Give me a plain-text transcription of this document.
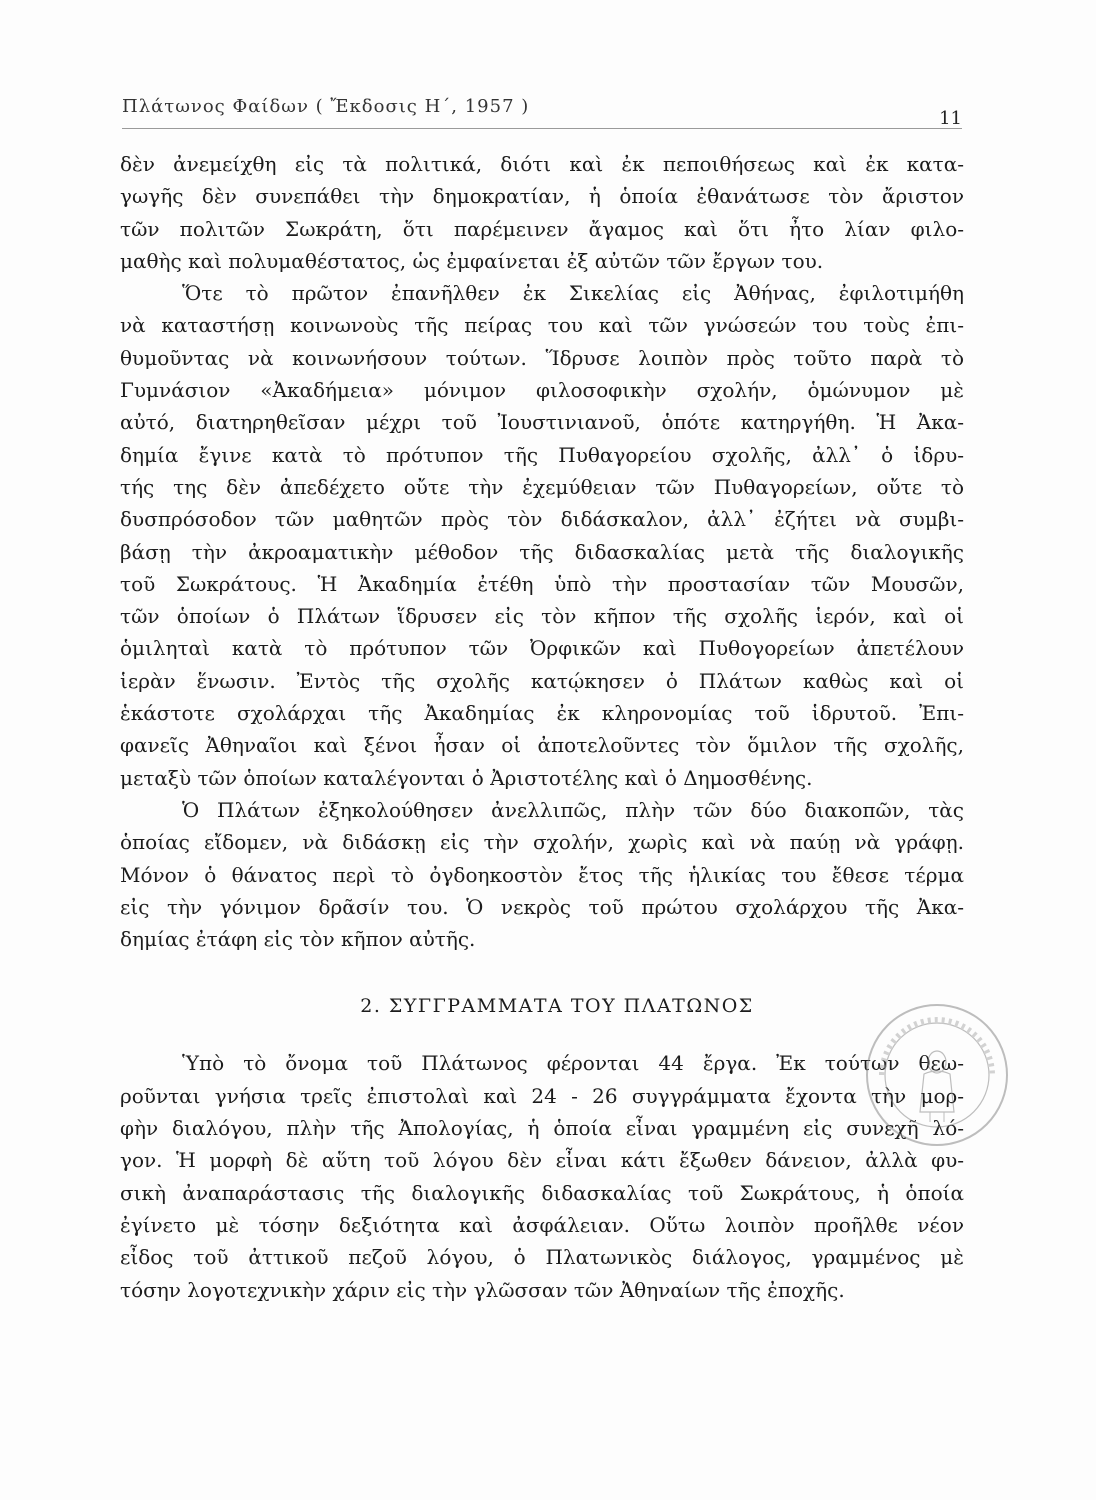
Πλάτωνος Φαίδων ( Ἔκδοσις Η΄, 1957 )
11
δὲν ἀνεμείχθη εἰς τὰ πολιτικά, διότι καὶ ἐκ πεποιθήσεως καὶ ἐκ κατα-
γωγῆς δὲν συνεπάθει τὴν δημοκρατίαν, ἡ ὁποία ἐθανάτωσε τὸν ἄριστον
τῶν πολιτῶν Σωκράτη, ὅτι παρέμεινεν ἄγαμος καὶ ὅτι ἦτο λίαν φιλο-
μαθὴς καὶ πολυμαθέστατος, ὡς ἐμφαίνεται ἐξ αὐτῶν τῶν ἔργων του.
Ὅτε τὸ πρῶτον ἐπανῆλθεν ἐκ Σικελίας εἰς Ἀθήνας, ἐφιλοτιμήθη
νὰ καταστήσῃ κοινωνοὺς τῆς πείρας του καὶ τῶν γνώσεών του τοὺς ἐπι-
θυμοῦντας νὰ κοινωνήσουν τούτων. Ἵδρυσε λοιπὸν πρὸς τοῦτο παρὰ τὸ
Γυμνάσιον «Ἀκαδήμεια» μόνιμον φιλοσοφικὴν σχολήν, ὁμώνυμον μὲ
αὐτό, διατηρηθεῖσαν μέχρι τοῦ Ἰουστινιανοῦ, ὁπότε κατηργήθη. Ἡ Ἀκα-
δημία ἔγινε κατὰ τὸ πρότυπον τῆς Πυθαγορείου σχολῆς, ἀλλ᾽ ὁ ἱδρυ-
τής της δὲν ἀπεδέχετο οὔτε τὴν ἐχεμύθειαν τῶν Πυθαγορείων, οὔτε τὸ
δυσπρόσοδον τῶν μαθητῶν πρὸς τὸν διδάσκαλον, ἀλλ᾽ ἐζήτει νὰ συμβι-
βάσῃ τὴν ἀκροαματικὴν μέθοδον τῆς διδασκαλίας μετὰ τῆς διαλογικῆς
τοῦ Σωκράτους. Ἡ Ἀκαδημία ἐτέθη ὑπὸ τὴν προστασίαν τῶν Μουσῶν,
τῶν ὁποίων ὁ Πλάτων ἵδρυσεν εἰς τὸν κῆπον τῆς σχολῆς ἱερόν, καὶ οἱ
ὁμιληταὶ κατὰ τὸ πρότυπον τῶν Ὀρφικῶν καὶ Πυθογορείων ἀπετέλουν
ἱερὰν ἕνωσιν. Ἐντὸς τῆς σχολῆς κατῴκησεν ὁ Πλάτων καθὼς καὶ οἱ
ἑκάστοτε σχολάρχαι τῆς Ἀκαδημίας ἐκ κληρονομίας τοῦ ἱδρυτοῦ. Ἐπι-
φανεῖς Ἀθηναῖοι καὶ ξένοι ἦσαν οἱ ἀποτελοῦντες τὸν ὅμιλον τῆς σχολῆς,
μεταξὺ τῶν ὁποίων καταλέγονται ὁ Ἀριστοτέλης καὶ ὁ Δημοσθένης.
Ὁ Πλάτων ἐξηκολούθησεν ἀνελλιπῶς, πλὴν τῶν δύο διακοπῶν, τὰς
ὁποίας εἴδομεν, νὰ διδάσκῃ εἰς τὴν σχολήν, χωρὶς καὶ νὰ παύῃ νὰ γράφῃ.
Μόνον ὁ θάνατος περὶ τὸ ὀγδοηκοστὸν ἔτος τῆς ἡλικίας του ἔθεσε τέρμα
εἰς τὴν γόνιμον δρᾶσίν του. Ὁ νεκρὸς τοῦ πρώτου σχολάρχου τῆς Ἀκα-
δημίας ἐτάφη εἰς τὸν κῆπον αὐτῆς.
2. ΣΥΓΓΡΑΜΜΑΤΑ ΤΟΥ ΠΛΑΤΩΝΟΣ
Ὑπὸ τὸ ὄνομα τοῦ Πλάτωνος φέρονται 44 ἔργα. Ἐκ τούτων θεω-
ροῦνται γνήσια τρεῖς ἐπιστολαὶ καὶ 24 - 26 συγγράμματα ἔχοντα τὴν μορ-
φὴν διαλόγου, πλὴν τῆς Ἀπολογίας, ἡ ὁποία εἶναι γραμμένη εἰς συνεχῆ λό-
γον. Ἡ μορφὴ δὲ αὕτη τοῦ λόγου δὲν εἶναι κάτι ἔξωθεν δάνειον, ἀλλὰ φυ-
σικὴ ἀναπαράστασις τῆς διαλογικῆς διδασκαλίας τοῦ Σωκράτους, ἡ ὁποία
ἐγίνετο μὲ τόσην δεξιότητα καὶ ἀσφάλειαν. Οὕτω λοιπὸν προῆλθε νέον
εἶδος τοῦ ἀττικοῦ πεζοῦ λόγου, ὁ Πλατωνικὸς διάλογος, γραμμένος μὲ
τόσην λογοτεχνικὴν χάριν εἰς τὴν γλῶσσαν τῶν Ἀθηναίων τῆς ἐποχῆς.
